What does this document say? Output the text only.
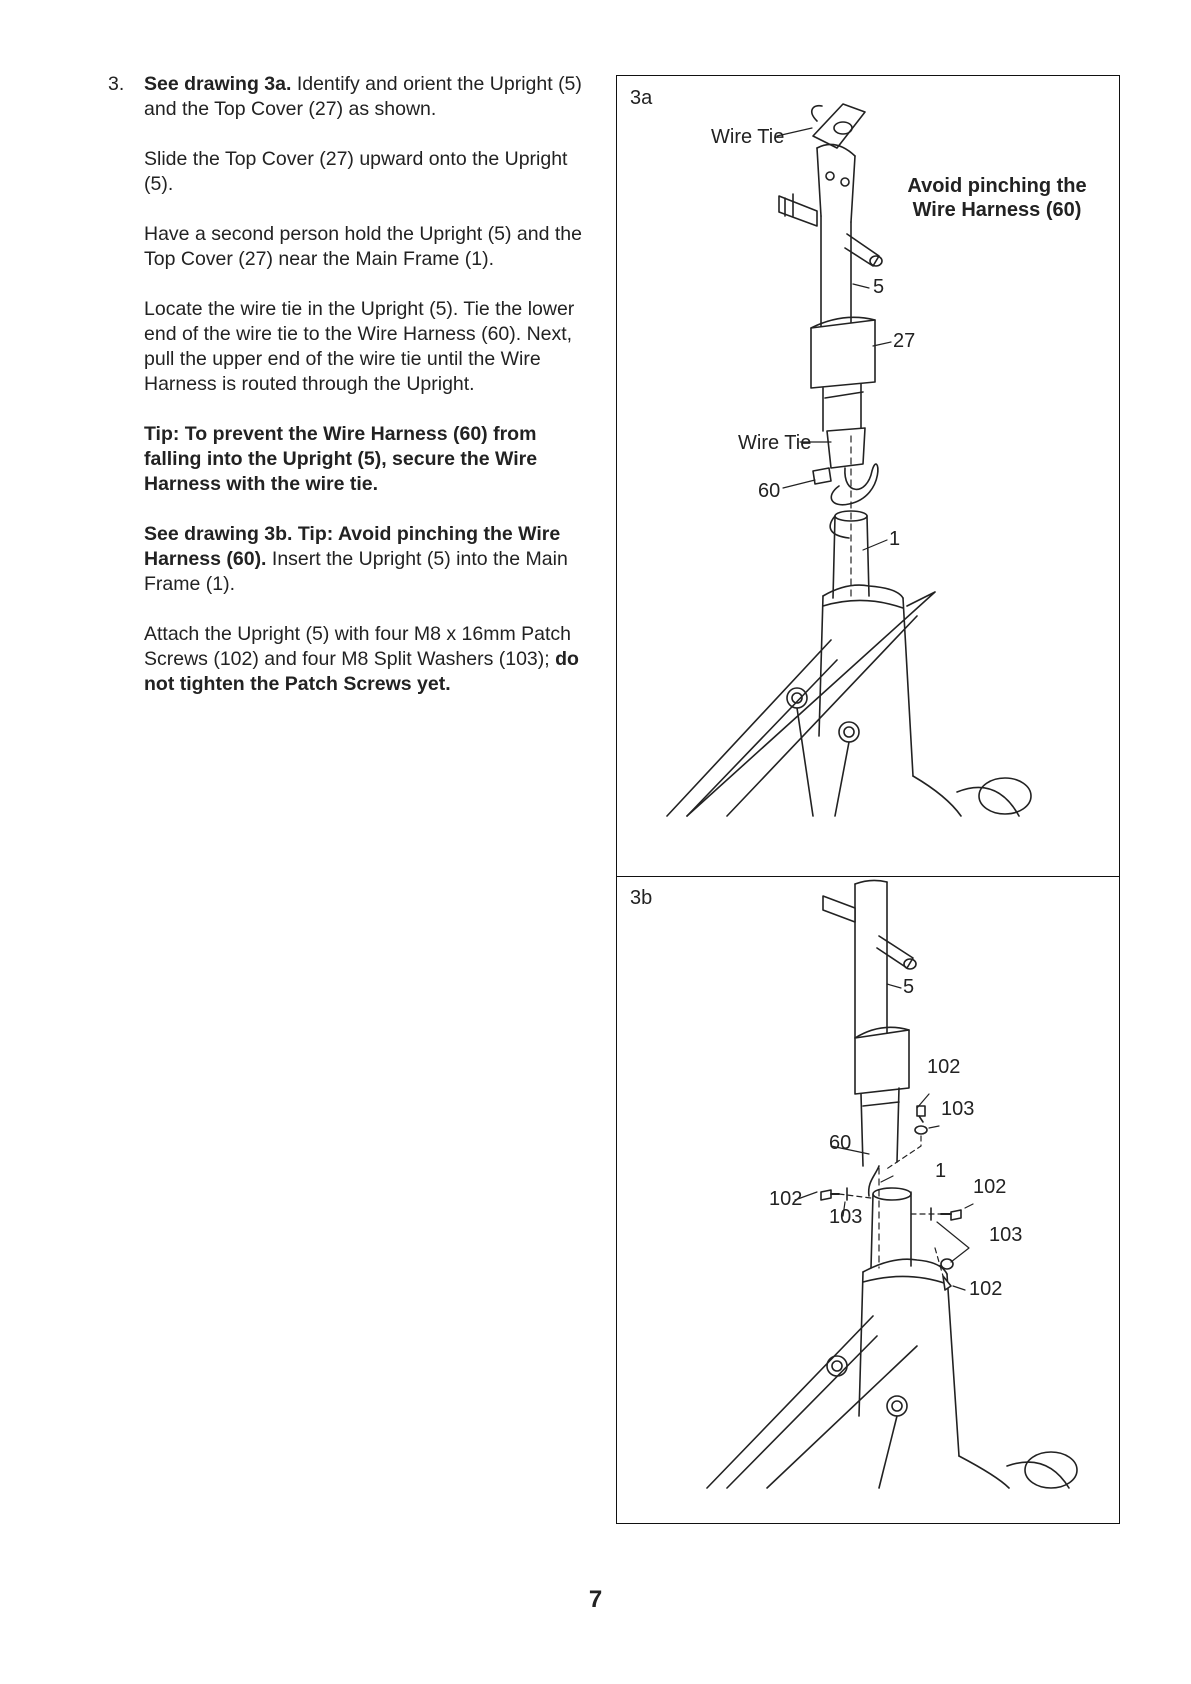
3. See drawing 3a. Identify and orient the Upright (5) and the Top Cover (27) as shown.

Slide the Top Cover (27) upward onto the Upright (5).

Have a second person hold the Upright (5) and the Top Cover (27) near the Main Frame (1).

Locate the wire tie in the Upright (5). Tie the lower end of the wire tie to the Wire Harness (60). Next, pull the upper end of the wire tie until the Wire Harness is routed through the Upright.

Tip: To prevent the Wire Harness (60) from falling into the Upright (5), secure the Wire Harness with the wire tie.

See drawing 3b. Tip: Avoid pinching the Wire Harness (60). Insert the Upright (5) into the Main Frame (1).

Attach the Upright (5) with four M8 x 16mm Patch Screws (102) and four M8 Split Washers (103); do not tighten the Patch Screws yet.

3a
Avoid pinching the Wire Harness (60)
Wire Tie
5
27
Wire Tie
60
1
3b
5
102
103
60
1
102
103
102
103
102
7
